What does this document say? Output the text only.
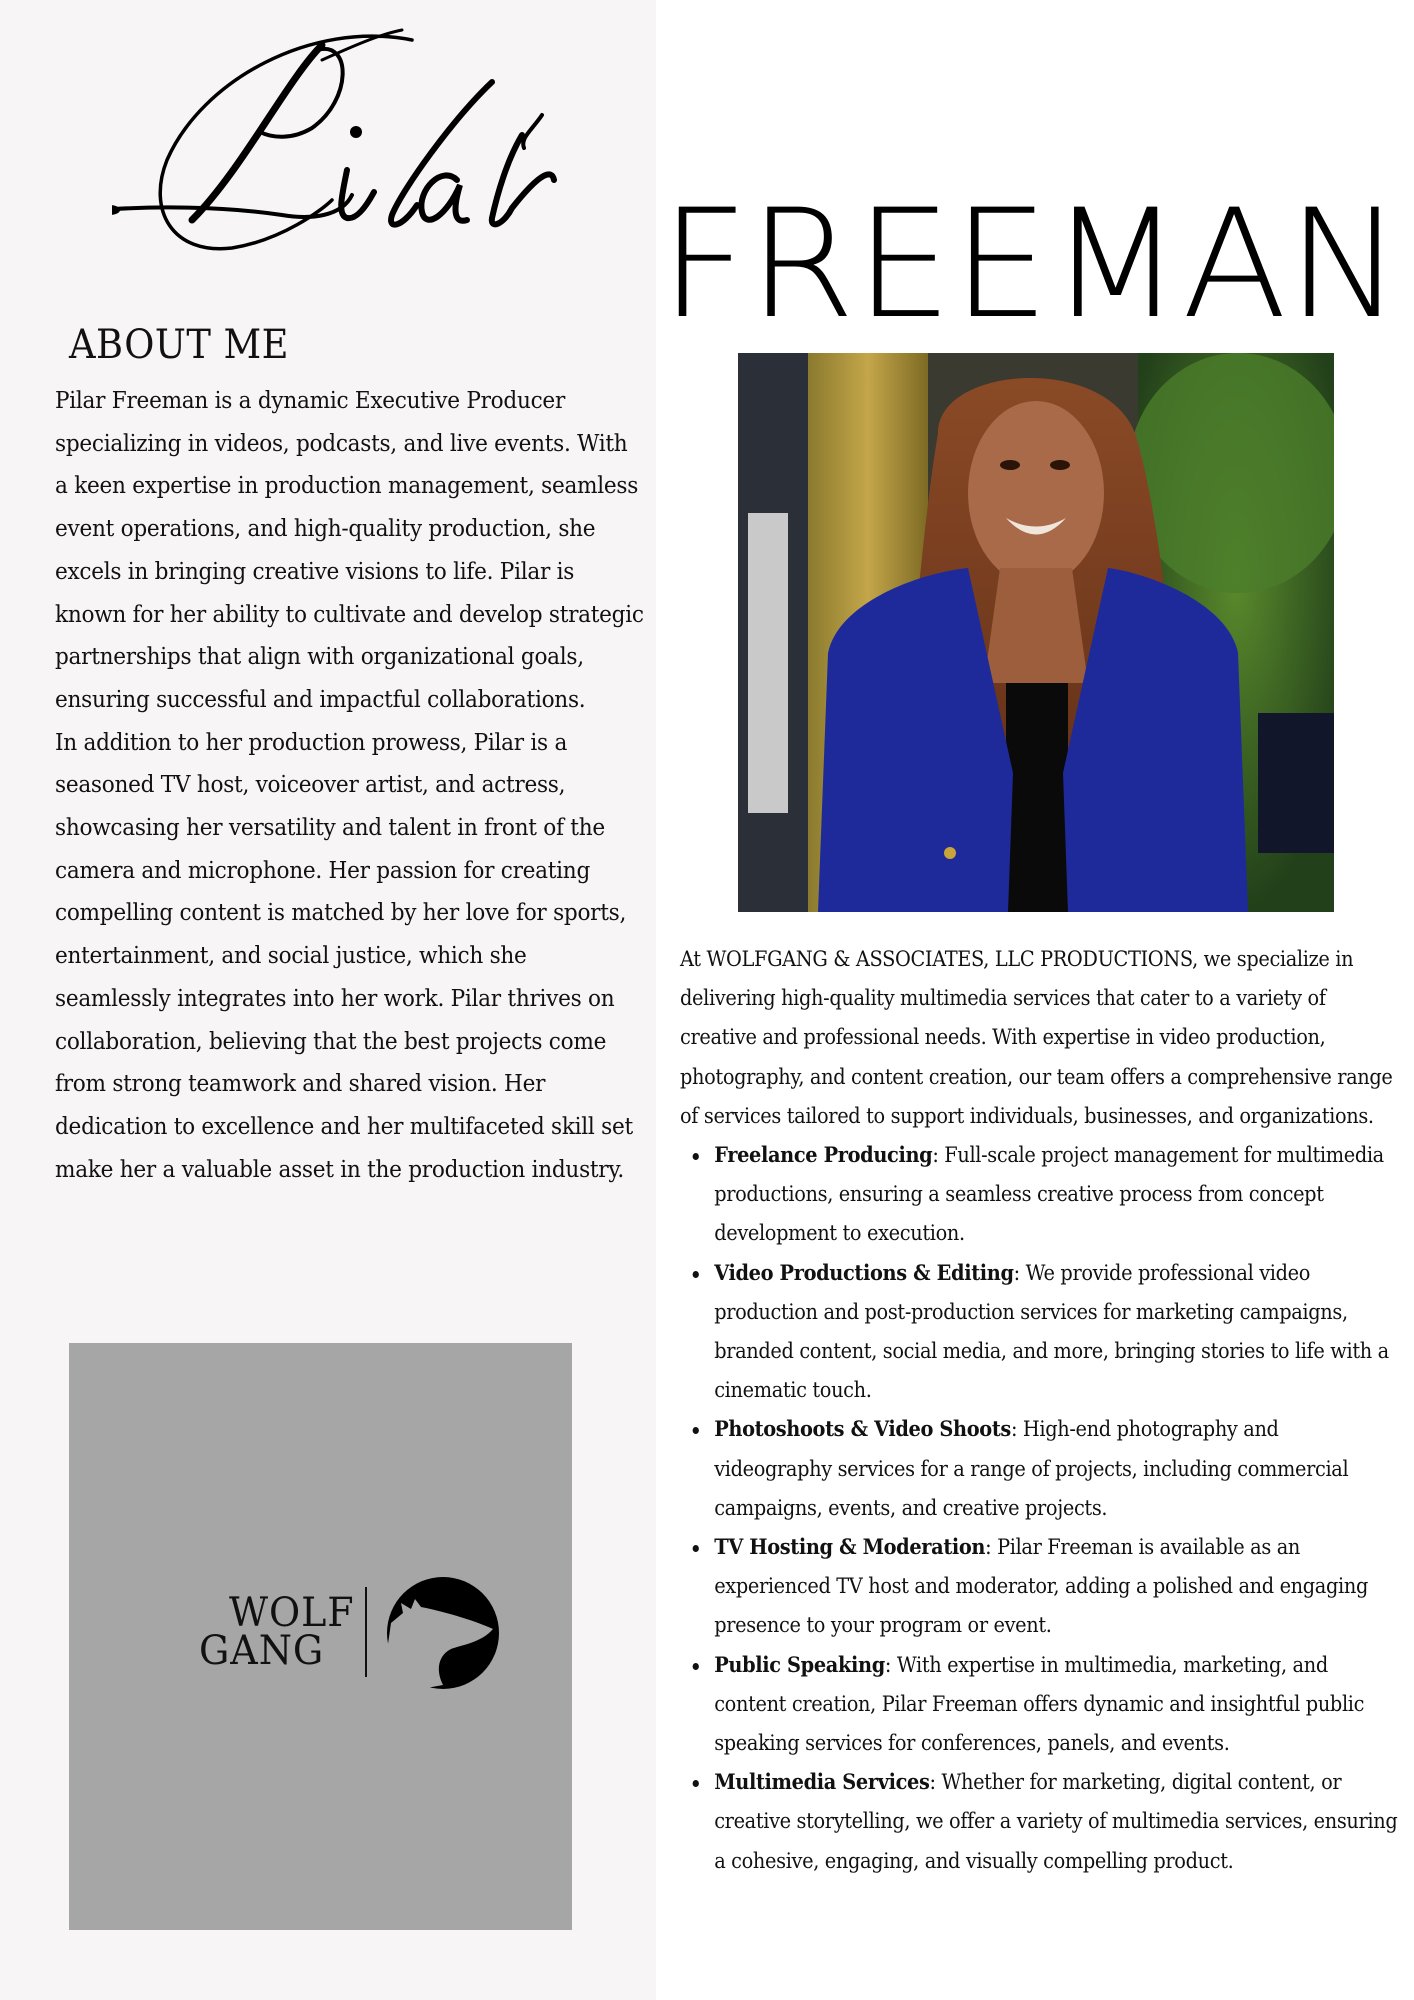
FREEMAN
ABOUT ME

Pilar Freeman is a dynamic Executive Producer specializing in videos, podcasts, and live events. With a keen expertise in production management, seamless event operations, and high-quality production, she excels in bringing creative visions to life. Pilar is known for her ability to cultivate and develop strategic partnerships that align with organizational goals, ensuring successful and impactful collaborations.

In addition to her production prowess, Pilar is a seasoned TV host, voiceover artist, and actress, showcasing her versatility and talent in front of the camera and microphone. Her passion for creating compelling content is matched by her love for sports, entertainment, and social justice, which she seamlessly integrates into her work. Pilar thrives on collaboration, believing that the best projects come from strong teamwork and shared vision. Her dedication to excellence and her multifaceted skill set make her a valuable asset in the production industry.

WOLF
GANG

At WOLFGANG & ASSOCIATES, LLC PRODUCTIONS, we specialize in delivering high-quality multimedia services that cater to a variety of creative and professional needs. With expertise in video production, photography, and content creation, our team offers a comprehensive range of services tailored to support individuals, businesses, and organizations.

Freelance Producing: Full-scale project management for multimedia productions, ensuring a seamless creative process from concept development to execution.
Video Productions & Editing: We provide professional video production and post-production services for marketing campaigns, branded content, social media, and more, bringing stories to life with a cinematic touch.
Photoshoots & Video Shoots: High-end photography and videography services for a range of projects, including commercial campaigns, events, and creative projects.
TV Hosting & Moderation: Pilar Freeman is available as an experienced TV host and moderator, adding a polished and engaging presence to your program or event.
Public Speaking: With expertise in multimedia, marketing, and content creation, Pilar Freeman offers dynamic and insightful public speaking services for conferences, panels, and events.
Multimedia Services: Whether for marketing, digital content, or creative storytelling, we offer a variety of multimedia services, ensuring a cohesive, engaging, and visually compelling product.
